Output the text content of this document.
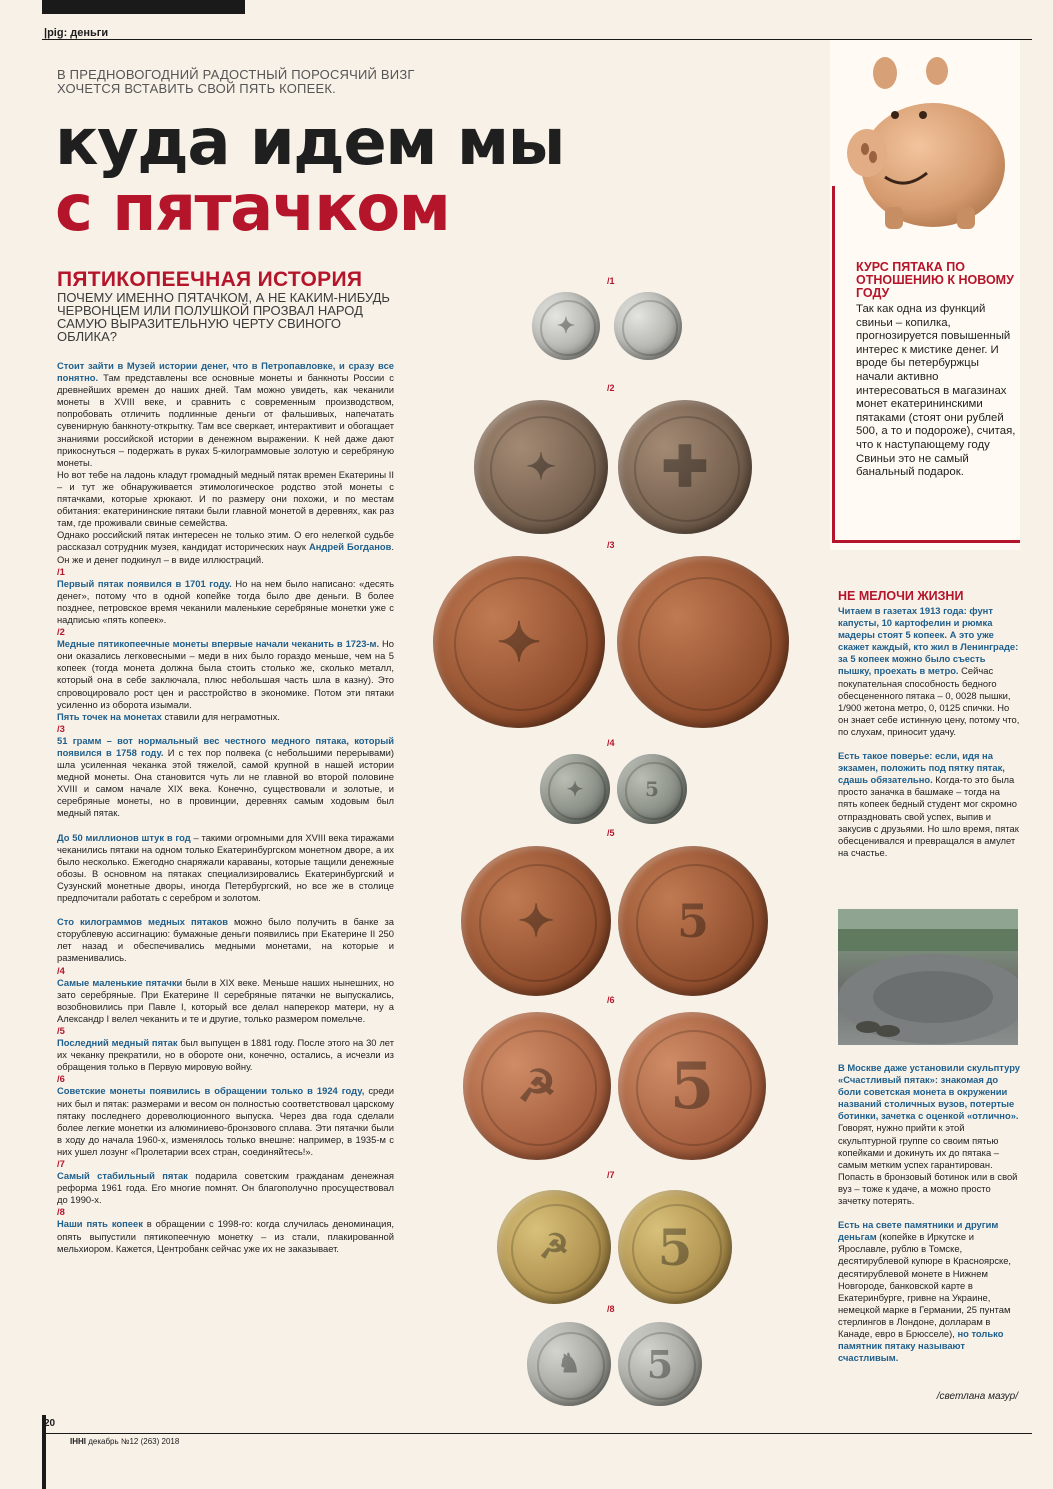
|pig: деньги
В ПРЕДНОВОГОДНИЙ РАДОСТНЫЙ ПОРОСЯЧИЙ ВИЗГ ХОЧЕТСЯ ВСТАВИТЬ СВОЙ ПЯТЬ КОПЕЕК.
куда идем мы
с пятачком
ПЯТИКОПЕЕЧНАЯ ИСТОРИЯ
ПОЧЕМУ ИМЕННО ПЯТАЧКОМ, А НЕ КАКИМ-НИБУДЬ ЧЕРВОНЦЕМ ИЛИ ПОЛУШКОЙ ПРОЗВАЛ НАРОД САМУЮ ВЫРАЗИТЕЛЬНУЮ ЧЕРТУ СВИНОГО ОБЛИКА?

Стоит зайти в Музей истории денег, что в Петропавловке, и сразу все понятно. Там представлены все основные монеты и банкноты России с древнейших времен до наших дней. Там можно увидеть, как чеканили монеты в XVIII веке, и сравнить с современным производством, попробовать отличить подлинные деньги от фальшивых, напечатать сувенирную банкноту-открытку. Там все сверкает, интерактивит и обогащает знаниями российской истории в денежном выражении. К ней даже дают прикоснуться – подержать в руках 5-килограммовые золотую и серебряную монеты.

Но вот тебе на ладонь кладут громадный медный пятак времен Екатерины II – и тут же обнаруживается этимологическое родство этой монеты с пятачками, которые хрюкают. И по размеру они похожи, и по местам обитания: екатерининские пятаки были главной монетой в деревнях, как раз там, где проживали свиные семейства.

Однако российский пятак интересен не только этим. О его нелегкой судьбе рассказал сотрудник музея, кандидат исторических наук Андрей Богданов. Он же и денег подкинул – в виде иллюстраций.

/1

Первый пятак появился в 1701 году. Но на нем было написано: «десять денег», потому что в одной копейке тогда было две деньги. В более позднее, петровское время чеканили маленькие серебряные монетки уже с надписью «пять копеек».

/2

Медные пятикопеечные монеты впервые начали чеканить в 1723-м. Но они оказались легковесными – меди в них было гораздо меньше, чем на 5 копеек (тогда монета должна была стоить столько же, сколько металл, который она в себе заключала, плюс небольшая часть шла в казну). Это спровоцировало рост цен и расстройство в экономике. Потом эти пятаки усиленно из оборота изымали.

Пять точек на монетах ставили для неграмотных.

/3

51 грамм – вот нормальный вес честного медного пятака, который появился в 1758 году. И с тех пор полвека (с небольшими перерывами) шла усиленная чеканка этой тяжелой, самой крупной в нашей истории медной монеты. Она становится чуть ли не главной во второй половине XVIII и самом начале XIX века. Конечно, существовали и золотые, и серебряные монеты, но в провинции, деревнях самым ходовым был медный пятак.

До 50 миллионов штук в год – такими огромными для XVIII века тиражами чеканились пятаки на одном только Екатеринбургском монетном дворе, а их было несколько. Ежегодно снаряжали караваны, которые тащили денежные обозы. В основном на пятаках специализировались Екатеринбургский и Сузунский монетные дворы, иногда Петербургский, но все же в столице предпочитали работать с серебром и золотом.

Сто килограммов медных пятаков можно было получить в банке за сторублевую ассигнацию: бумажные деньги появились при Екатерине II 250 лет назад и обеспечивались медными монетами, на которые и разменивались.

/4

Самые маленькие пятачки были в XIX веке. Меньше наших нынешних, но зато серебряные. При Екатерине II серебряные пятачки не выпускались, возобновились при Павле I, который все делал наперекор матери, ну а Александр I велел чеканить и те и другие, только размером помельче.

/5

Последний медный пятак был выпущен в 1881 году. После этого на 30 лет их чеканку прекратили, но в обороте они, конечно, остались, а исчезли из обращения только в Первую мировую войну.

/6

Советские монеты появились в обращении только в 1924 году, среди них был и пятак: размерами и весом он полностью соответствовал царскому пятаку последнего дореволюционного выпуска. Через два года сделали более легкие монетки из алюминиево-бронзового сплава. Эти пятачки были в ходу до начала 1960-х, изменялось только внешне: например, в 1935-м с них ушел лозунг «Пролетарии всех стран, соединяйтесь!».

/7

Самый стабильный пятак подарила советским гражданам денежная реформа 1961 года. Его многие помнят. Он благополучно просуществовал до 1990-х.

/8

Наши пять копеек в обращении с 1998-го: когда случилась деноминация, опять выпустили пятикопеечную монетку – из стали, плакированной мельхиором. Кажется, Центробанк сейчас уже их не заказывает.

/1
✦
/2
✦	✚
/3
✦
/4
✦	5
/5
✦	5
/6
☭	5
/7
☭	5
/8
♞	5
КУРС ПЯТАКА ПО ОТНОШЕНИЮ К НОВОМУ ГОДУ
Так как одна из функций свиньи – копилка, прогнозируется повышенный интерес к мистике денег. И вроде бы петербуржцы начали активно интересоваться в магазинах монет екатерининскими пятаками (стоят они рублей 500, а то и подороже), считая, что к наступающему году Свиньи это не самый банальный подарок.
НЕ МЕЛОЧИ ЖИЗНИ

Читаем в газетах 1913 года: фунт капусты, 10 картофелин и рюмка мадеры стоят 5 копеек. А это уже скажет каждый, кто жил в Ленинграде: за 5 копеек можно было съесть пышку, проехать в метро. Сейчас покупательная способность бедного обесцененного пятака – 0, 0028 пышки, 1/900 жетона метро, 0, 0125 спички. Но он знает себе истинную цену, потому что, по слухам, приносит удачу.

Есть такое поверье: если, идя на экзамен, положить под пятку пятак, сдашь обязательно. Когда-то это была просто заначка в башмаке – тогда на пять копеек бедный студент мог скромно отпраздновать свой успех, выпив и закусив с друзьями. Но шло время, пятак обесценивался и превращался в амулет на счастье.

В Москве даже установили скульптуру «Счастливый пятак»: знакомая до боли советская монета в окружении названий столичных вузов, потертые ботинки, зачетка с оценкой «отлично». Говорят, нужно прийти к этой скульптурной группе со своим пятью копейками и докинуть их до пятака – самым метким успех гарантирован. Попасть в бронзовый ботинок или в свой вуз – тоже к удаче, а можно просто зачетку потерять.

Есть на свете памятники и другим деньгам (копейке в Иркутске и Ярославле, рублю в Томске, десятирублевой купюре в Красноярске, десятирублевой монете в Нижнем Новгороде, банковской карте в Екатеринбурге, гривне на Украине, немецкой марке в Германии, 25 пунтам стерлингов в Лондоне, долларам в Канаде, евро в Брюсселе), но только памятник пятаку называют счастливым.

/светлана мазур/
20
ІННІ декабрь №12 (263) 2018
